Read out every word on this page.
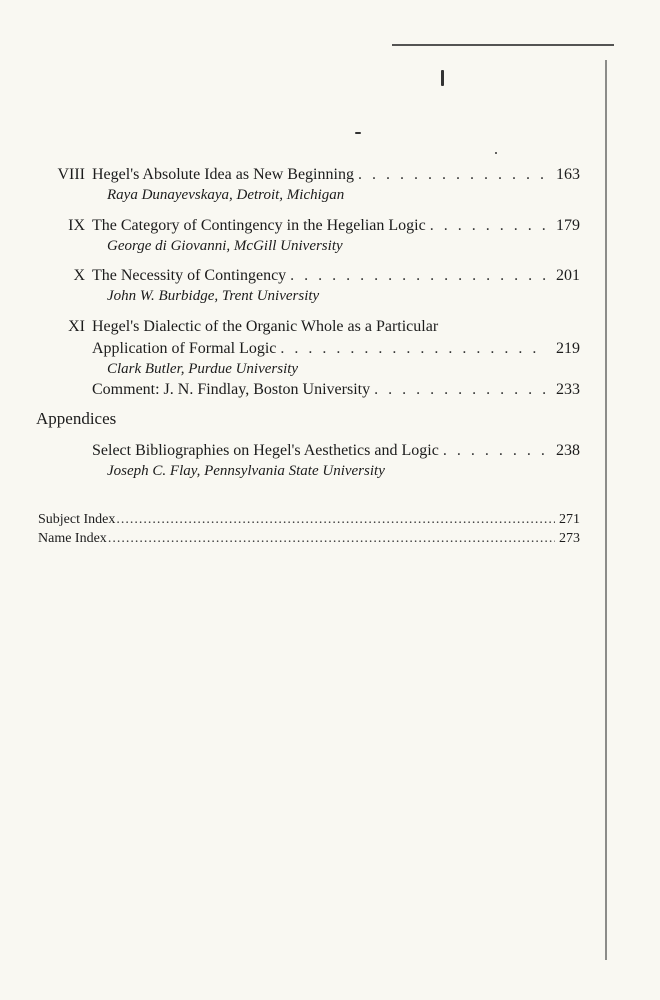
VIII Hegel's Absolute Idea as New Beginning . . .	163
Raya Dunayevskaya, Detroit, Michigan
IX The Category of Contingency in the Hegelian Logic . . .	179
George di Giovanni, McGill University
X The Necessity of Contingency . . .	201
John W. Burbidge, Trent University
XI Hegel's Dialectic of the Organic Whole as a Particular
Application of Formal Logic . . .	219
Clark Butler, Purdue University
Comment: J. N. Findlay, Boston University . . .	233
Appendices
Select Bibliographies on Hegel's Aesthetics and Logic . . .	238
Joseph C. Flay, Pennsylvania State University
Subject Index .....	271
Name Index .....	273
